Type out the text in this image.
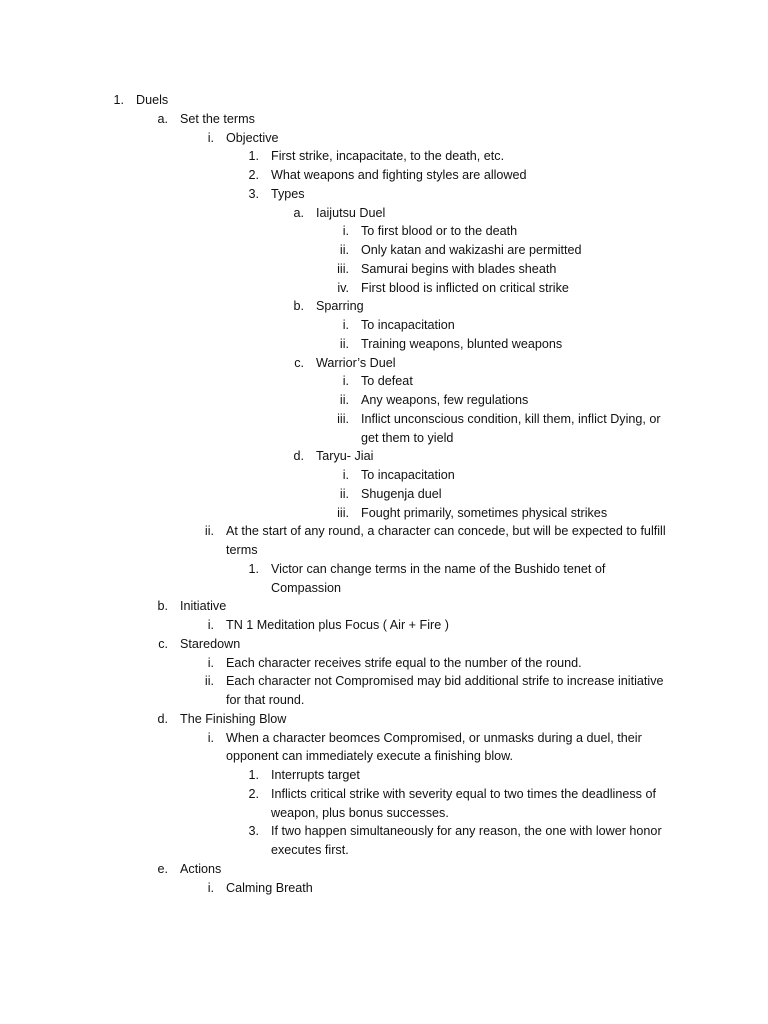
1. Duels
a. Set the terms
i. Objective
1. First strike, incapacitate, to the death, etc.
2. What weapons and fighting styles are allowed
3. Types
a. Iaijutsu Duel
i. To first blood or to the death
ii. Only katan and wakizashi are permitted
iii. Samurai begins with blades sheath
iv. First blood is inflicted on critical strike
b. Sparring
i. To incapacitation
ii. Training weapons, blunted weapons
c. Warrior’s Duel
i. To defeat
ii. Any weapons, few regulations
iii. Inflict unconscious condition, kill them, inflict Dying, or
get them to yield
d. Taryu- Jiai
i. To incapacitation
ii. Shugenja duel
iii. Fought primarily, sometimes physical strikes
ii. At the start of any round, a character can concede, but will be expected to fulfill
terms
1. Victor can change terms in the name of the Bushido tenet of
Compassion
b. Initiative
i. TN 1 Meditation plus Focus ( Air + Fire )
c. Staredown
i. Each character receives strife equal to the number of the round.
ii. Each character not Compromised may bid additional strife to increase initiative
for that round.
d. The Finishing Blow
i. When a character beomces Compromised, or unmasks during a duel, their
opponent can immediately execute a finishing blow.
1. Interrupts target
2. Inflicts critical strike with severity equal to two times the deadliness of
weapon, plus bonus successes.
3. If two happen simultaneously for any reason, the one with lower honor
executes first.
e. Actions
i. Calming Breath
